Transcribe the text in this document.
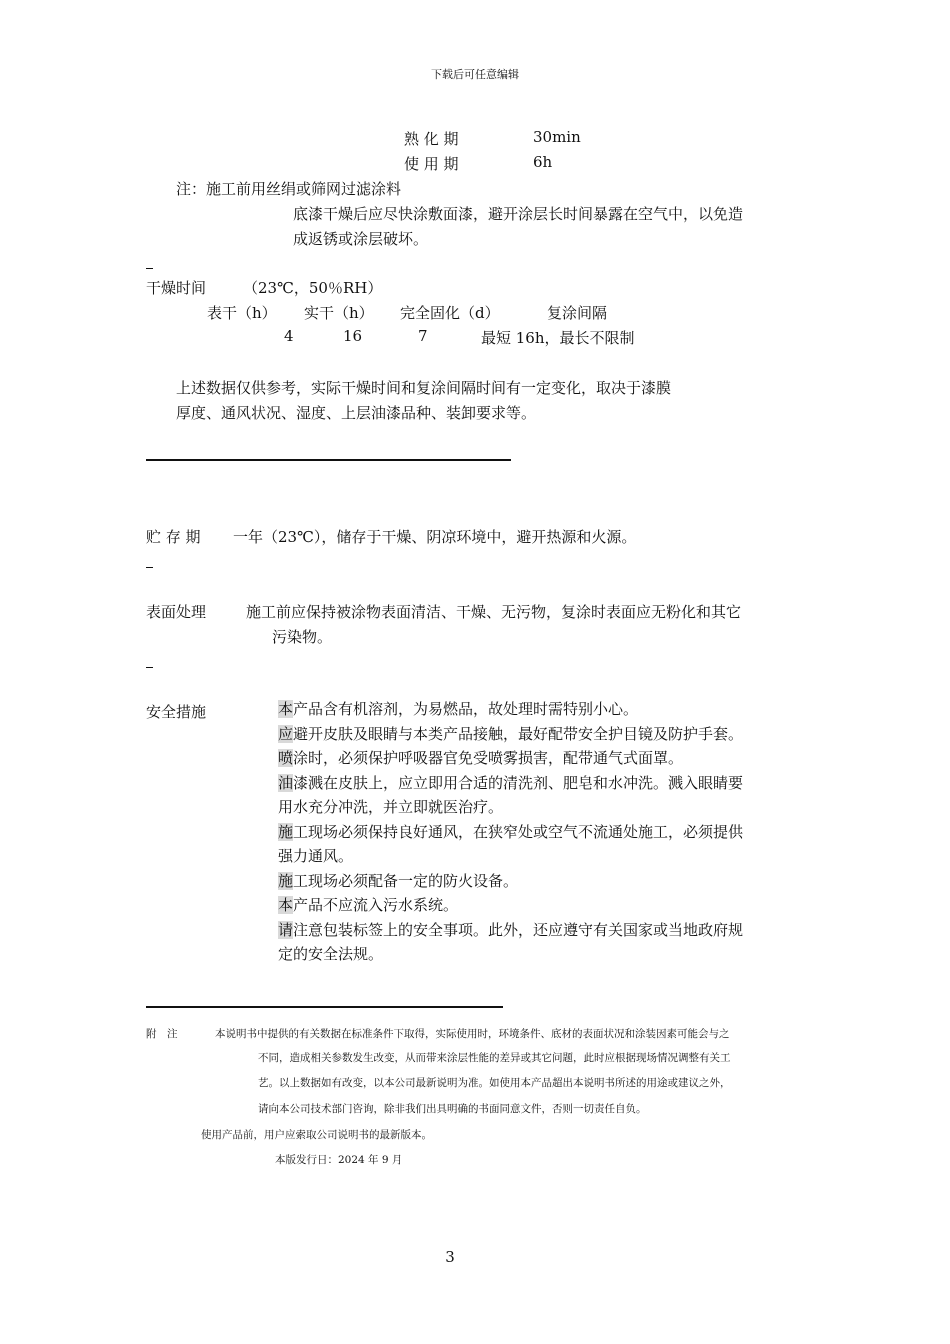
下载后可任意编辑
熟 化 期	30min
使 用 期	6h
注：施工前用丝绢或筛网过滤涂料
底漆干燥后应尽快涂敷面漆，避开涂层长时间暴露在空气中，以免造
成返锈或涂层破坏。
干燥时间 （23℃，50％RH）
表干（h） 实干（h） 完全固化（d）	复涂间隔
4	16	7	最短 16h，最长不限制
上述数据仅供参考，实际干燥时间和复涂间隔时间有一定变化，取决于漆膜
厚度、通风状况、湿度、上层油漆品种、装卸要求等。
贮 存 期 一年（23℃），储存于干燥、阴凉环境中，避开热源和火源。
表面处理	施工前应保持被涂物表面清洁、干燥、无污物，复涂时表面应无粉化和其它
污染物。
安全措施	本产品含有机溶剂，为易燃品，故处理时需特别小心。
应避开皮肤及眼睛与本类产品接触，最好配带安全护目镜及防护手套。
喷涂时，必须保护呼吸器官免受喷雾损害，配带通气式面罩。
油漆溅在皮肤上，应立即用合适的清洗剂、肥皂和水冲洗。溅入眼睛要
用水充分冲洗，并立即就医治疗。
施工现场必须保持良好通风，在狭窄处或空气不流通处施工，必须提供
强力通风。
施工现场必须配备一定的防火设备。
本产品不应流入污水系统。
请注意包装标签上的安全事项。此外，还应遵守有关国家或当地政府规
定的安全法规。
附　注	本说明书中提供的有关数据在标准条件下取得，实际使用时，环境条件、底材的表面状况和涂装因素可能会与之
不同，造成相关参数发生改变，从而带来涂层性能的差异或其它问题，此时应根据现场情况调整有关工
艺。以上数据如有改变，以本公司最新说明为准。如使用本产品超出本说明书所述的用途或建议之外，
请向本公司技术部门咨询，除非我们出具明确的书面同意文件，否则一切责任自负。
使用产品前，用户应索取公司说明书的最新版本。
本版发行日：2024 年 9 月
3
